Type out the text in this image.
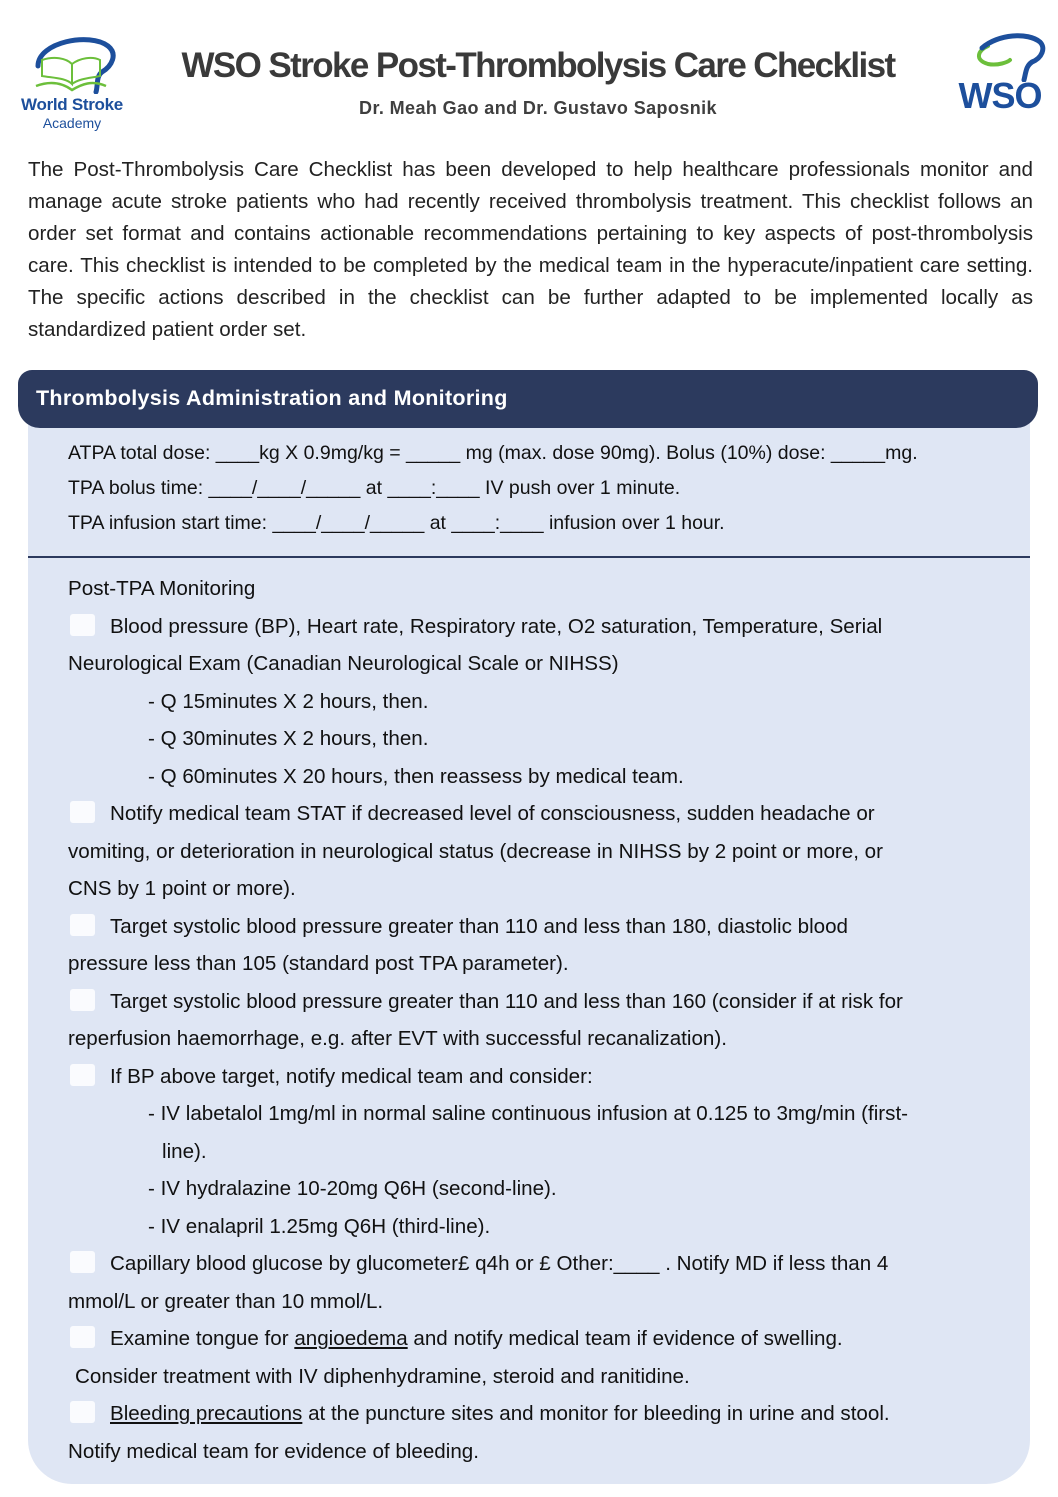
World Stroke
Academy
WSO Stroke Post-Thrombolysis Care Checklist
Dr. Meah Gao and Dr. Gustavo Saposnik	WSO
The Post-Thrombolysis Care Checklist has been developed to help healthcare professionals monitor and manage acute stroke patients who had recently received thrombolysis treatment. This checklist follows an order set format and contains actionable recommendations pertaining to key aspects of post-thrombolysis care. This checklist is intended to be completed by the medical team in the hyperacute/inpatient care setting. The specific actions described in the checklist can be further adapted to be implemented locally as standardized patient order set.
Thrombolysis Administration and Monitoring
ATPA total dose: ____kg X 0.9mg/kg = _____ mg (max. dose 90mg). Bolus (10%) dose: _____mg.
TPA bolus time: ____/____/_____ at ____:____ IV push over 1 minute.
TPA infusion start time: ____/____/_____ at ____:____ infusion over 1 hour.
Post-TPA Monitoring
Blood pressure (BP), Heart rate, Respiratory rate, O2 saturation, Temperature, Serial
Neurological Exam (Canadian Neurological Scale or NIHSS)
- Q 15minutes X 2 hours, then.
- Q 30minutes X 2 hours, then.
- Q 60minutes X 20 hours, then reassess by medical team.
Notify medical team STAT if decreased level of consciousness, sudden headache or
vomiting, or deterioration in neurological status (decrease in NIHSS by 2 point or more, or
CNS by 1 point or more).
Target systolic blood pressure greater than 110 and less than 180, diastolic blood
pressure less than 105 (standard post TPA parameter).
Target systolic blood pressure greater than 110 and less than 160 (consider if at risk for
reperfusion haemorrhage, e.g. after EVT with successful recanalization).
If BP above target, notify medical team and consider:
- IV labetalol 1mg/ml in normal saline continuous infusion at 0.125 to 3mg/min (first-
line).
- IV hydralazine 10-20mg Q6H (second-line).
- IV enalapril 1.25mg Q6H (third-line).
Capillary blood glucose by glucometer£ q4h or £ Other:____ . Notify MD if less than 4
mmol/L or greater than 10 mmol/L.
Examine tongue for angioedema and notify medical team if evidence of swelling.
Consider treatment with IV diphenhydramine, steroid and ranitidine.
Bleeding precautions at the puncture sites and monitor for bleeding in urine and stool.
Notify medical team for evidence of bleeding.
